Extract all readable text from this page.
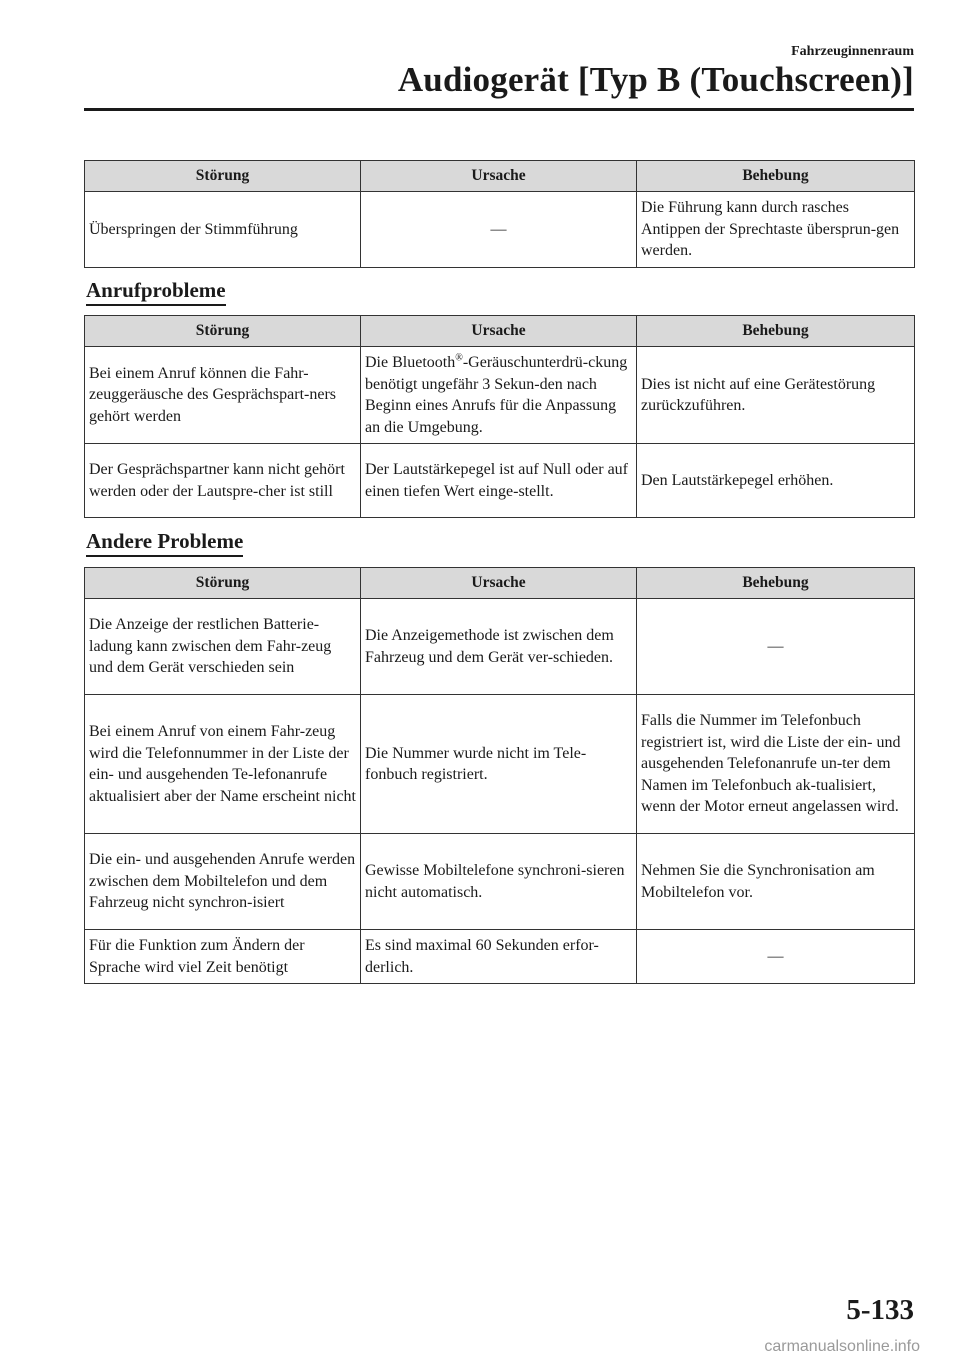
Fahrzeuginnenraum
Audiogerät [Typ B (Touchscreen)]
Störung	Ursache	Behebung
Überspringen der Stimmführung	—	Die Führung kann durch rasches Antippen der Sprechtaste übersprun-gen werden.
Anrufprobleme
Störung	Ursache	Behebung
Bei einem Anruf können die Fahr-zeuggeräusche des Gesprächspart-ners gehört werden	Die Bluetooth®-Geräuschunterdrü-ckung benötigt ungefähr 3 Sekun-den nach Beginn eines Anrufs für die Anpassung an die Umgebung.	Dies ist nicht auf eine Gerätestörung zurückzuführen.
Der Gesprächspartner kann nicht gehört werden oder der Lautspre-cher ist still	Der Lautstärkepegel ist auf Null oder auf einen tiefen Wert einge-stellt.	Den Lautstärkepegel erhöhen.
Andere Probleme
Störung	Ursache	Behebung
Die Anzeige der restlichen Batterie-ladung kann zwischen dem Fahr-zeug und dem Gerät verschieden sein	Die Anzeigemethode ist zwischen dem Fahrzeug und dem Gerät ver-schieden.	—
Bei einem Anruf von einem Fahr-zeug wird die Telefonnummer in der Liste der ein- und ausgehenden Te-lefonanrufe aktualisiert aber der Name erscheint nicht	Die Nummer wurde nicht im Tele-fonbuch registriert.	Falls die Nummer im Telefonbuch registriert ist, wird die Liste der ein- und ausgehenden Telefonanrufe un-ter dem Namen im Telefonbuch ak-tualisiert, wenn der Motor erneut angelassen wird.
Die ein- und ausgehenden Anrufe werden zwischen dem Mobiltelefon und dem Fahrzeug nicht synchron-isiert	Gewisse Mobiltelefone synchroni-sieren nicht automatisch.	Nehmen Sie die Synchronisation am Mobiltelefon vor.
Für die Funktion zum Ändern der Sprache wird viel Zeit benötigt	Es sind maximal 60 Sekunden erfor-derlich.	—
5-133
carmanualsonline.info
